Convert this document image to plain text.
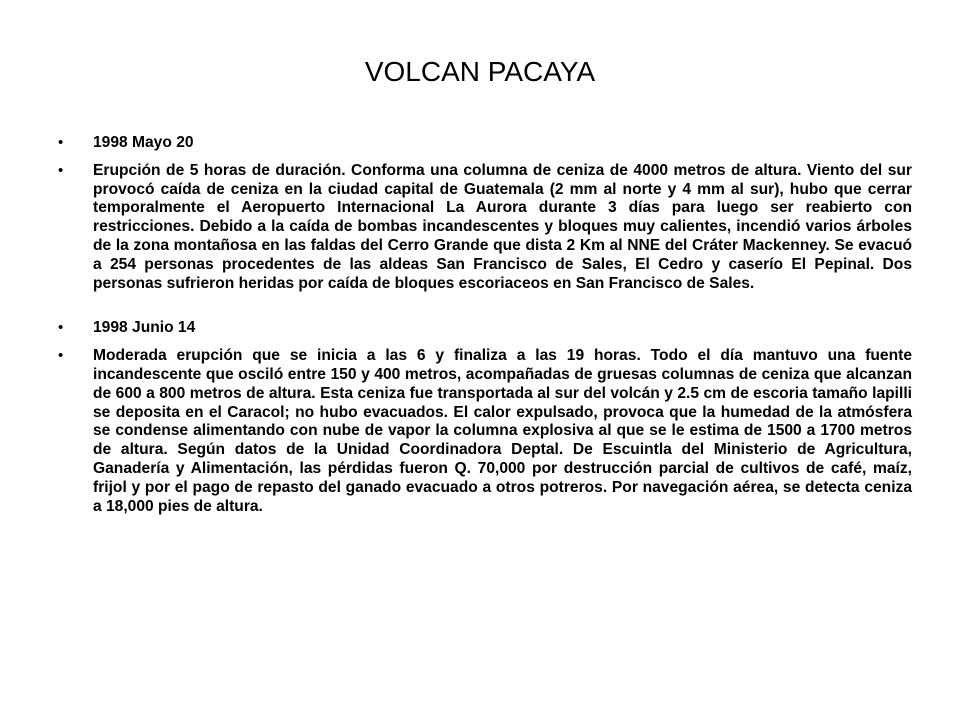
VOLCAN PACAYA
• 1998 Mayo 20
• Erupción de 5 horas de duración. Conforma una columna de ceniza de 4000 metros de altura. Viento del sur provocó caída de ceniza en la ciudad capital de Guatemala (2 mm al norte y 4 mm al sur), hubo que cerrar temporalmente el Aeropuerto Internacional La Aurora durante 3 días para luego ser reabierto con restricciones. Debido a la caída de bombas incandescentes y bloques muy calientes, incendió varios árboles de la zona montañosa en las faldas del Cerro Grande que dista 2 Km al NNE del Cráter Mackenney. Se evacuó a 254 personas procedentes de las aldeas San Francisco de Sales, El Cedro y caserío El Pepinal. Dos personas sufrieron heridas por caída de bloques escoriaceos en San Francisco de Sales.
• 1998 Junio 14
• Moderada erupción que se inicia a las 6 y finaliza a las 19 horas. Todo el día mantuvo una fuente incandescente que osciló entre 150 y 400 metros, acompañadas de gruesas columnas de ceniza que alcanzan de 600 a 800 metros de altura. Esta ceniza fue transportada al sur del volcán y 2.5 cm de escoria tamaño lapilli se deposita en el Caracol; no hubo evacuados. El calor expulsado, provoca que la humedad de la atmósfera se condense alimentando con nube de vapor la columna explosiva al que se le estima de 1500 a 1700 metros de altura. Según datos de la Unidad Coordinadora Deptal. De Escuintla del Ministerio de Agricultura, Ganadería y Alimentación, las pérdidas fueron Q. 70,000 por destrucción parcial de cultivos de café, maíz, frijol y por el pago de repasto del ganado evacuado a otros potreros. Por navegación aérea, se detecta ceniza a 18,000 pies de altura.
